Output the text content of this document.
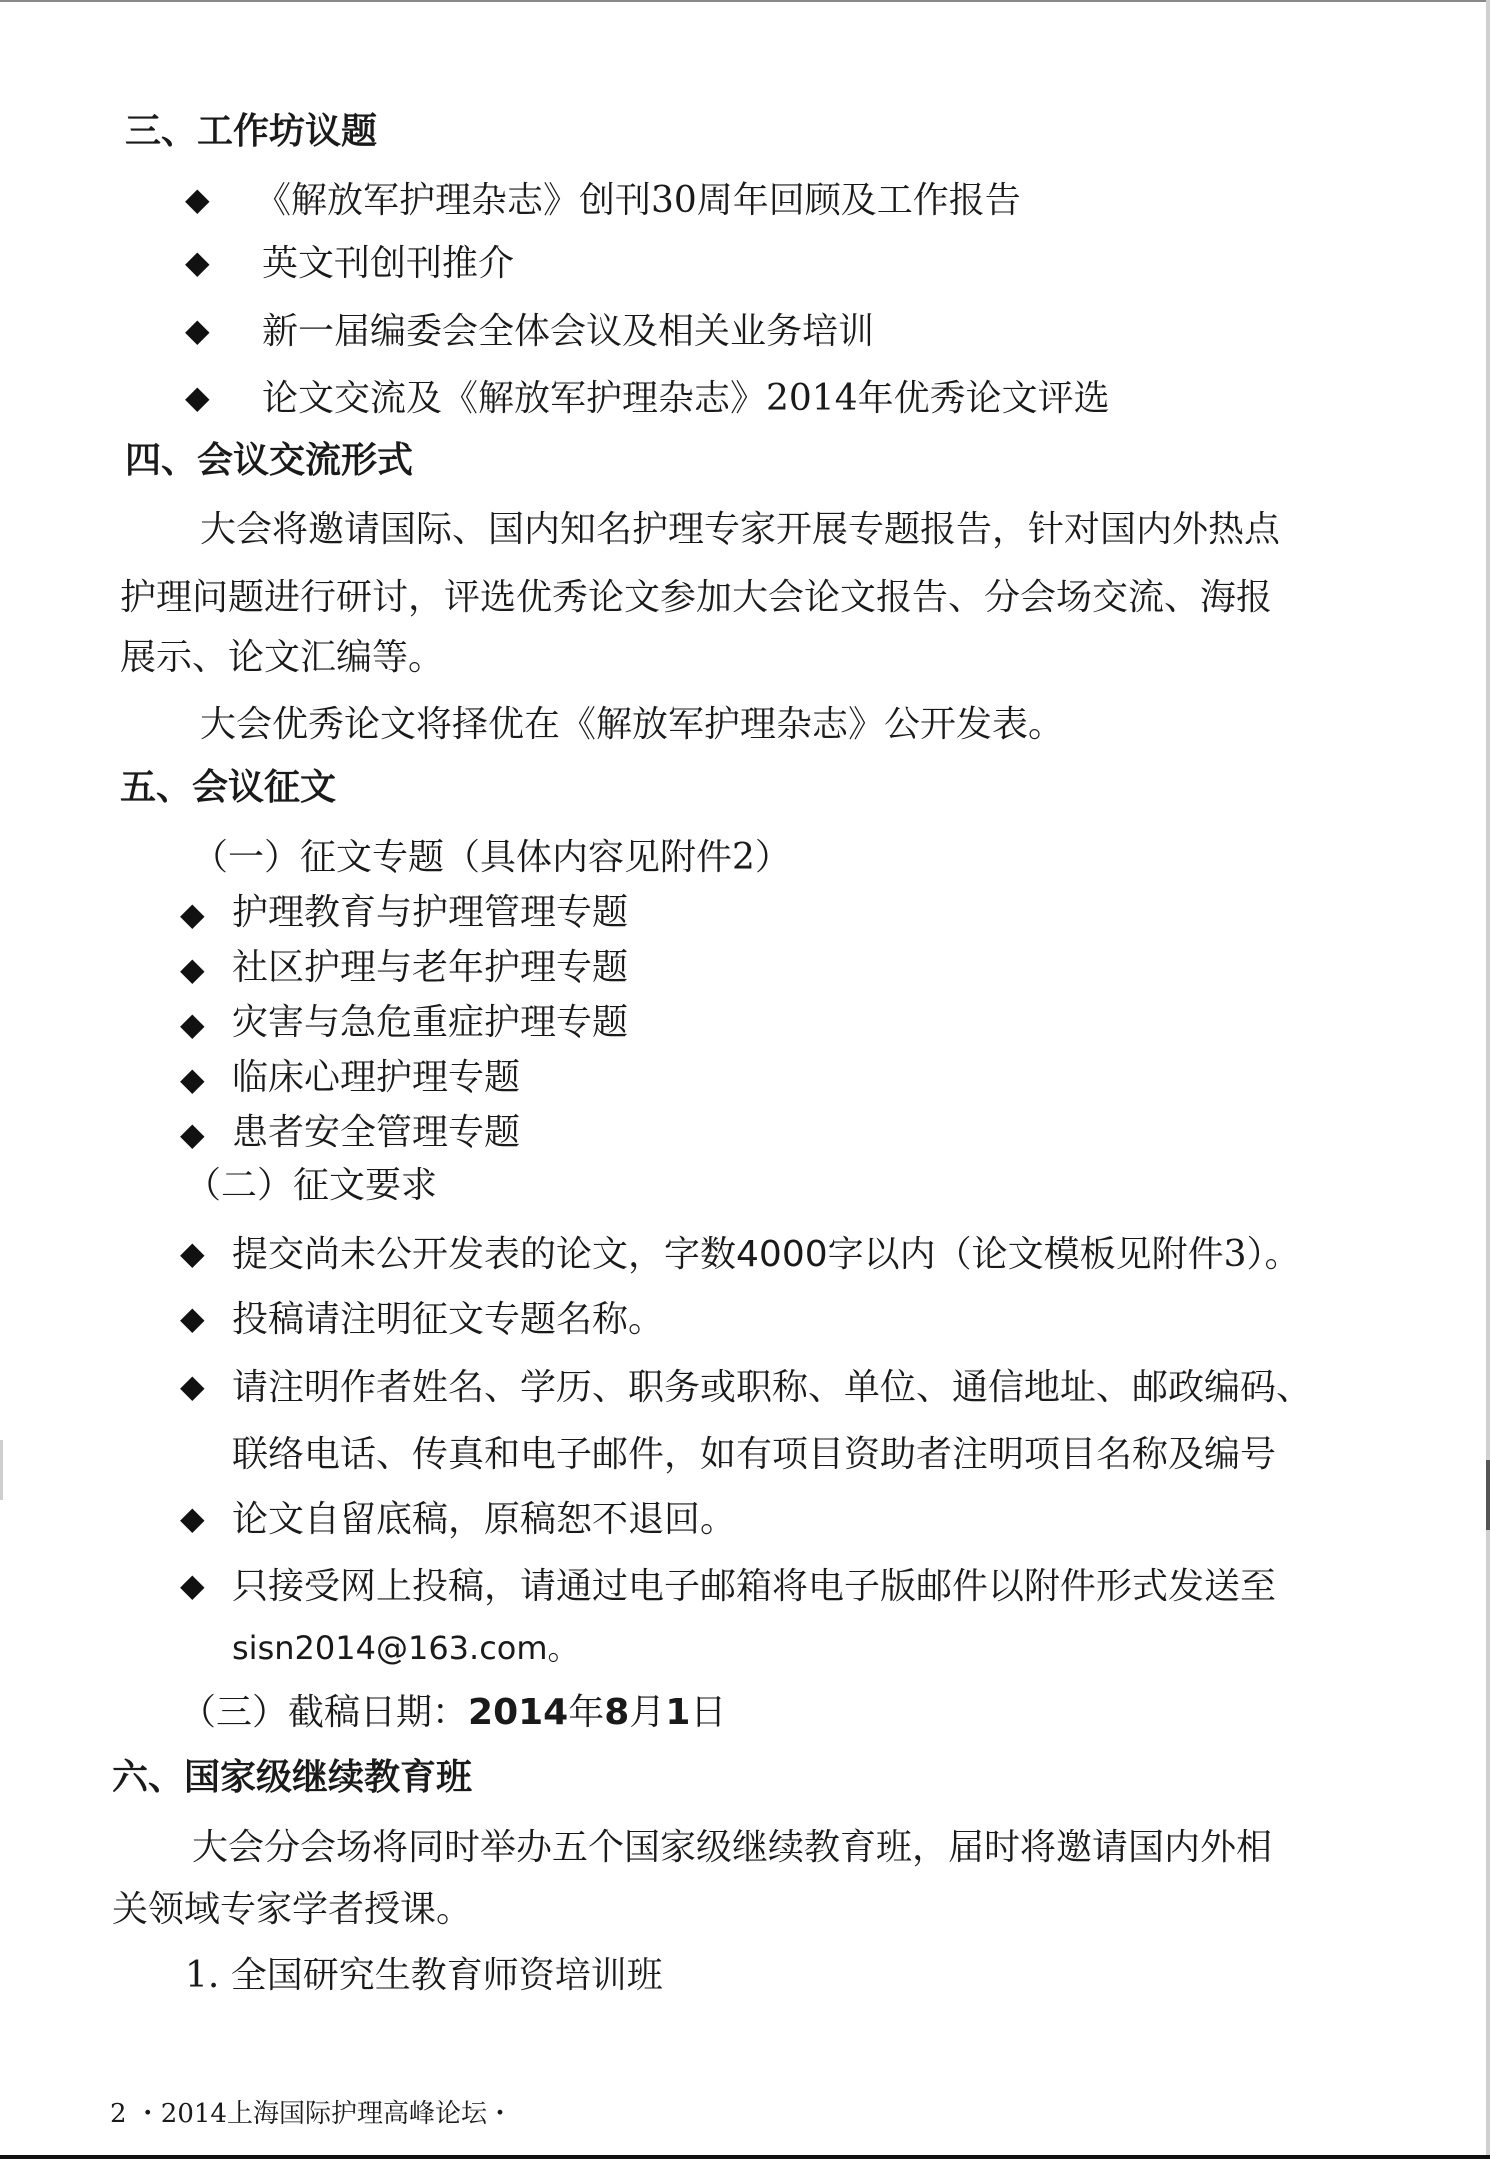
三、工作坊议题
◆ 《解放军护理杂志》创刊30周年回顾及工作报告
◆ 英文刊创刊推介
◆ 新一届编委会全体会议及相关业务培训
◆ 论文交流及《解放军护理杂志》2014年优秀论文评选
四、会议交流形式
大会将邀请国际、国内知名护理专家开展专题报告，针对国内外热点
护理问题进行研讨，评选优秀论文参加大会论文报告、分会场交流、海报
展示、论文汇编等。
大会优秀论文将择优在《解放军护理杂志》公开发表。
五、会议征文
（一）征文专题（具体内容见附件2）
◆ 护理教育与护理管理专题
◆ 社区护理与老年护理专题
◆ 灾害与急危重症护理专题
◆ 临床心理护理专题
◆ 患者安全管理专题
（二）征文要求
◆ 提交尚未公开发表的论文，字数4000字以内（论文模板见附件3）。
◆ 投稿请注明征文专题名称。
◆ 请注明作者姓名、学历、职务或职称、单位、通信地址、邮政编码、
联络电话、传真和电子邮件，如有项目资助者注明项目名称及编号
◆ 论文自留底稿，原稿恕不退回。
◆ 只接受网上投稿，请通过电子邮箱将电子版邮件以附件形式发送至
sisn2014@163.com。
（三）截稿日期：2014年8月1日
六、国家级继续教育班
大会分会场将同时举办五个国家级继续教育班，届时将邀请国内外相
关领域专家学者授课。
1. 全国研究生教育师资培训班
2 ・2014上海国际护理高峰论坛・
